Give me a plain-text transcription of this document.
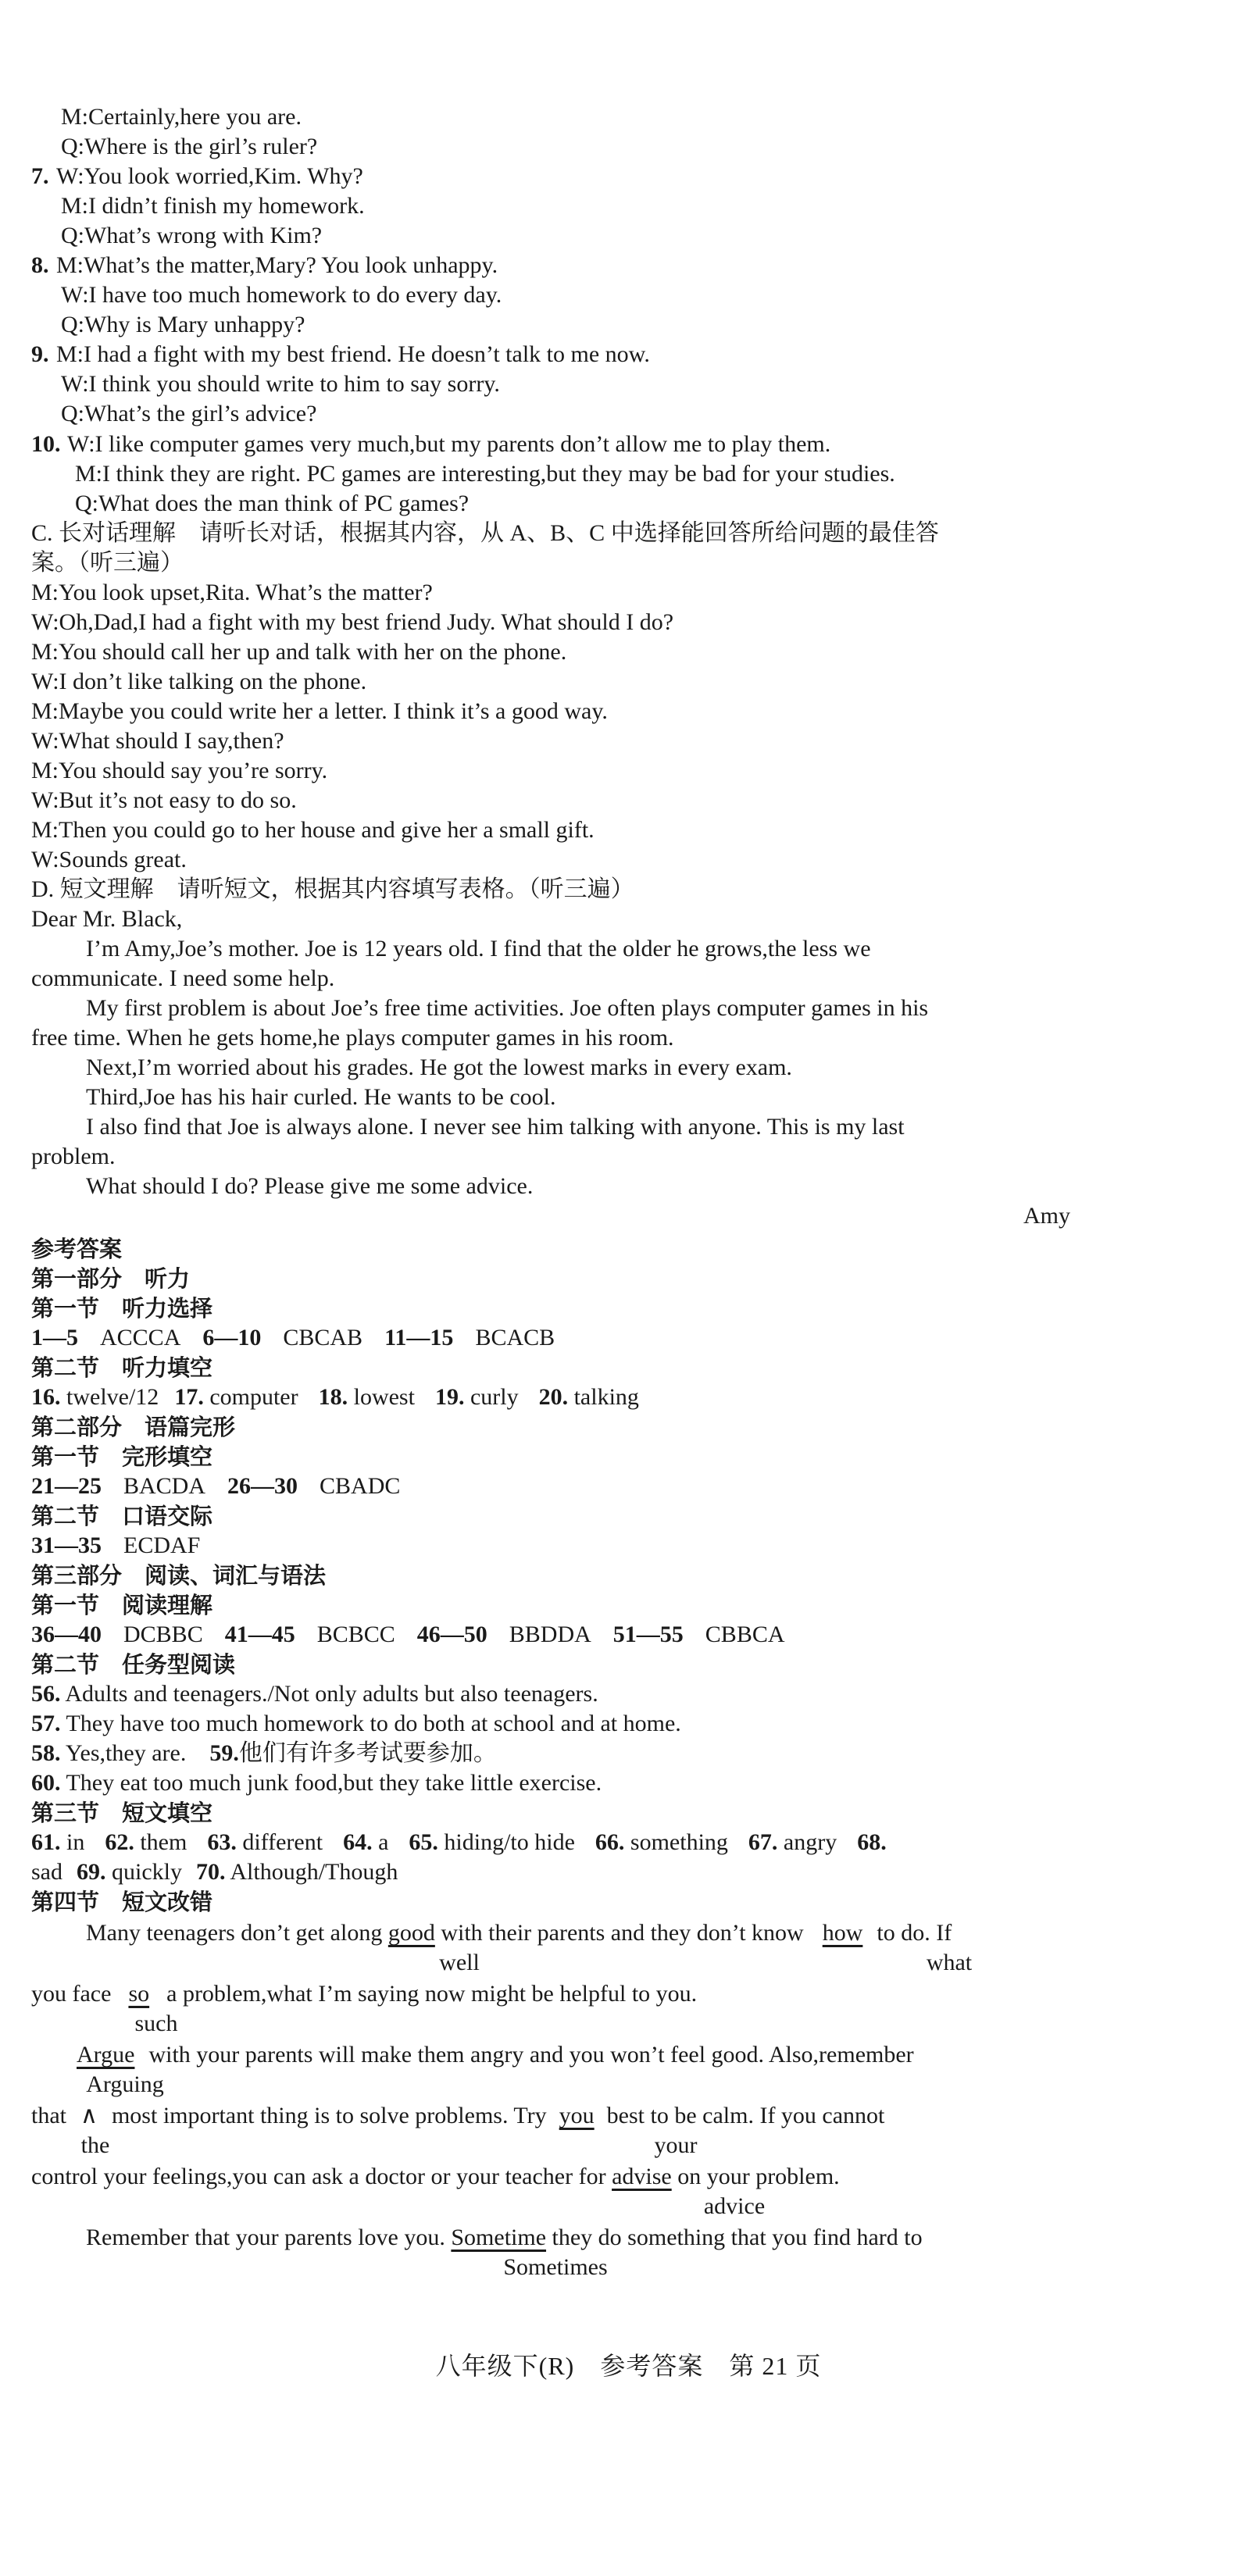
M:Certainly,here you are.
Q:Where is the girl’s ruler?
7. W:You look worried,Kim. Why?
M:I didn’t finish my homework.
Q:What’s wrong with Kim?
8. M:What’s the matter,Mary? You look unhappy.
W:I have too much homework to do every day.
Q:Why is Mary unhappy?
9. M:I had a fight with my best friend. He doesn’t talk to me now.
W:I think you should write to him to say sorry.
Q:What’s the girl’s advice?
10. W:I like computer games very much,but my parents don’t allow me to play them.
M:I think they are right. PC games are interesting,but they may be bad for your studies.
Q:What does the man think of PC games?
C. 长对话理解　请听长对话，根据其内容，从 A、B、C 中选择能回答所给问题的最佳答
案。（听三遍）
M:You look upset,Rita. What’s the matter?
W:Oh,Dad,I had a fight with my best friend Judy. What should I do?
M:You should call her up and talk with her on the phone.
W:I don’t like talking on the phone.
M:Maybe you could write her a letter. I think it’s a good way.
W:What should I say,then?
M:You should say you’re sorry.
W:But it’s not easy to do so.
M:Then you could go to her house and give her a small gift.
W:Sounds great.
D. 短文理解　请听短文，根据其内容填写表格。（听三遍）
Dear Mr. Black,
I’m Amy,Joe’s mother. Joe is 12 years old. I find that the older he grows,the less we
communicate. I need some help.
My first problem is about Joe’s free time activities. Joe often plays computer games in his
free time. When he gets home,he plays computer games in his room.
Next,I’m worried about his grades. He got the lowest marks in every exam.
Third,Joe has his hair curled. He wants to be cool.
I also find that Joe is always alone. I never see him talking with anyone. This is my last
problem.
What should I do? Please give me some advice.
Amy
参考答案
第一部分　听力
第一节　听力选择
1—5 ACCCA 6—10 CBCAB 11—15 BCACB
第二节　听力填空
16. twelve/12 17. computer 18. lowest 19. curly 20. talking
第二部分　语篇完形
第一节　完形填空
21—25 BACDA 26—30 CBADC
第二节　口语交际
31—35 ECDAF
第三部分　阅读、词汇与语法
第一节　阅读理解
36—40 DCBBC 41—45 BCBCC 46—50 BBDDA 51—55 CBBCA
第二节　任务型阅读
56. Adults and teenagers./Not only adults but also teenagers.
57. They have too much homework to do both at school and at home.
58. Yes,they are. 59.他们有许多考试要参加。
60. They eat too much junk food,but they take little exercise.
第三节　短文填空
61. in 62. them 63. different 64. a 65. hiding/to hide 66. something 67. angry 68.
sad 69. quickly 70. Although/Though
第四节　短文改错
Many teenagers don’t get along good with their parents and they don’t know how to do. If
well	what
you face so a problem,what I’m saying now might be helpful to you.
such
Argue with your parents will make them angry and you won’t feel good. Also,remember
Arguing
that ∧ most important thing is to solve problems. Try you best to be calm. If you cannot
the	your
control your feelings,you can ask a doctor or your teacher for advise on your problem.
advice
Remember that your parents love you. Sometime they do something that you find hard to
Sometimes
八年级下(R)　参考答案　第 21 页
